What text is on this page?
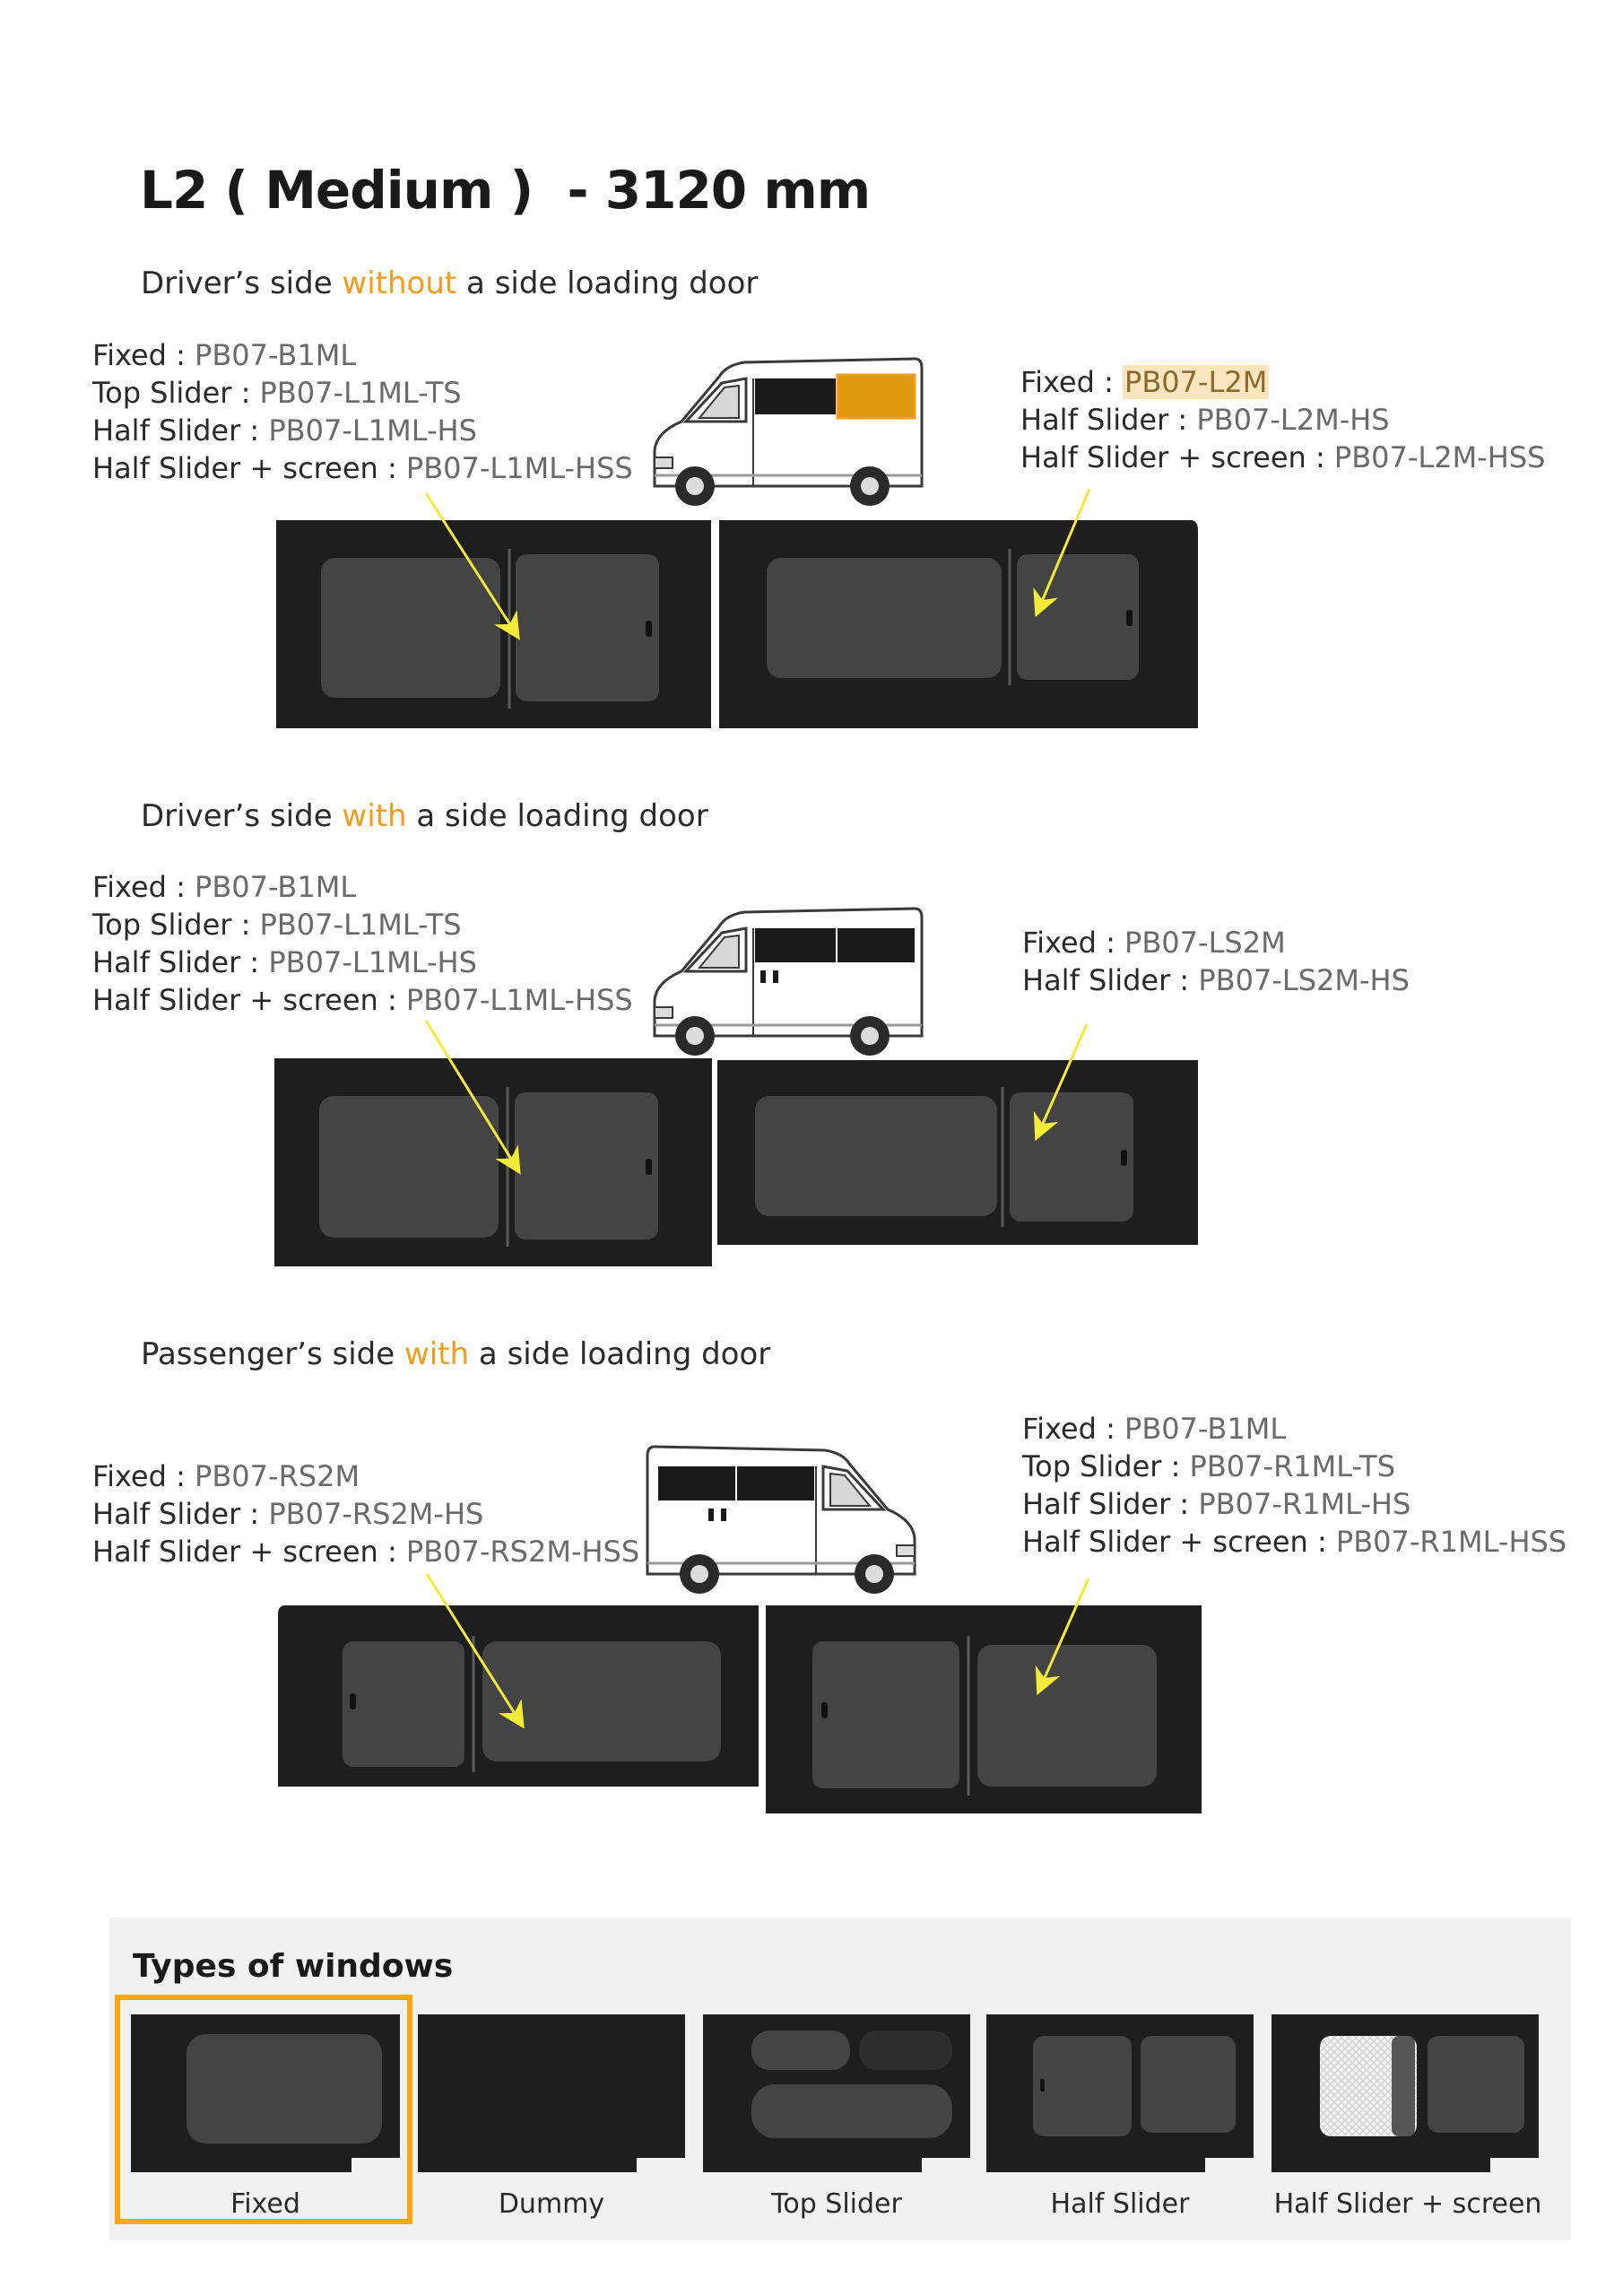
L2 ( Medium )  - 3120 mm
Driver’s side without a side loading door
Driver’s side with a side loading door
Passenger’s side with a side loading door
Fixed : PB07-B1ML
Top Slider : PB07-L1ML-TS
Half Slider : PB07-L1ML-HS
Half Slider + screen : PB07-L1ML-HSS
Fixed : PB07-L2M
Half Slider : PB07-L2M-HS
Half Slider + screen : PB07-L2M-HSS
Fixed : PB07-B1ML
Top Slider : PB07-L1ML-TS
Half Slider : PB07-L1ML-HS
Half Slider + screen : PB07-L1ML-HSS
Fixed : PB07-LS2M
Half Slider : PB07-LS2M-HS
Fixed : PB07-RS2M
Half Slider : PB07-RS2M-HS
Half Slider + screen : PB07-RS2M-HSS
Fixed : PB07-B1ML
Top Slider : PB07-R1ML-TS
Half Slider : PB07-R1ML-HS
Half Slider + screen : PB07-R1ML-HSS
Types of windows
Fixed	Dummy	Top Slider	Half Slider	Half Slider + screen
